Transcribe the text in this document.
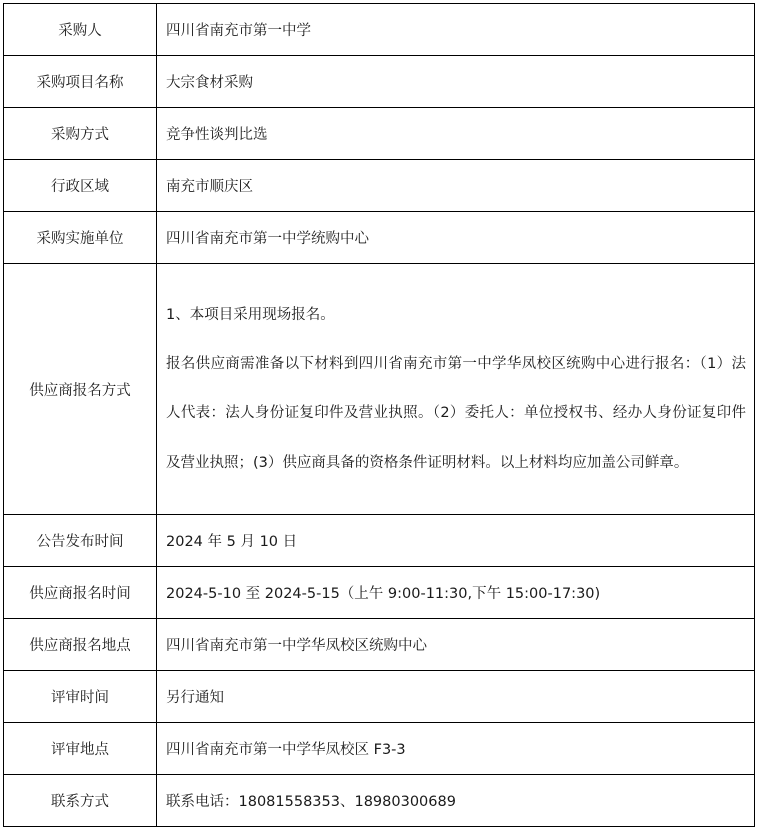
采购人	四川省南充市第一中学
采购项目名称	大宗食材采购
采购方式	竞争性谈判比选
行政区域	南充市顺庆区
采购实施单位	四川省南充市第一中学统购中心
供应商报名方式	1、本项目采用现场报名。

报名供应商需准备以下材料到四川省南充市第一中学华凤校区统购中心进行报名：（1）法人代表：法人身份证复印件及营业执照。（2）委托人：单位授权书、经办人身份证复印件及营业执照；(3）供应商具备的资格条件证明材料。以上材料均应加盖公司鲜章。

公告发布时间	2024 年 5 月 10 日
供应商报名时间	2024-5-10 至 2024-5-15（上午 9:00-11:30,下午 15:00-17:30)
供应商报名地点	四川省南充市第一中学华凤校区统购中心
评审时间	另行通知
评审地点	四川省南充市第一中学华凤校区 F3-3
联系方式	联系电话：18081558353、18980300689
